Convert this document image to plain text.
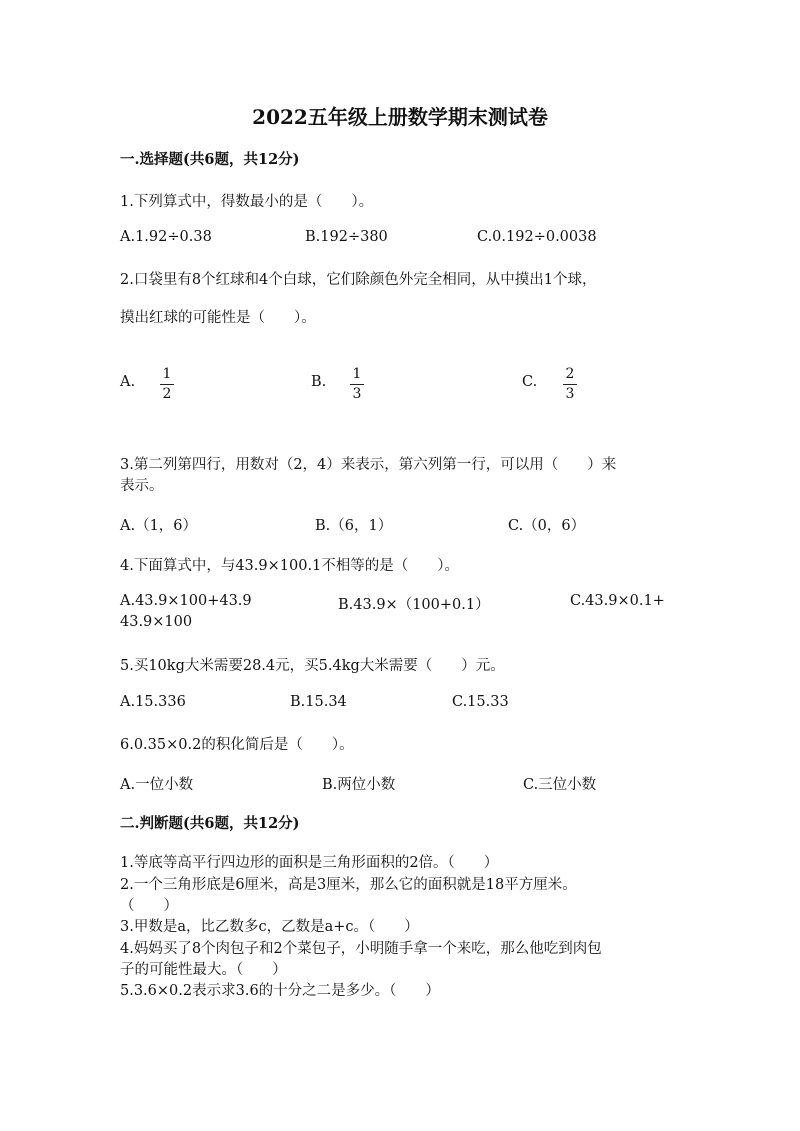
2022五年级上册数学期末测试卷
一.选择题(共6题，共12分)
1.下列算式中，得数最小的是（　　）。
A.1.92÷0.38	B.192÷380	C.0.192÷0.0038
2.口袋里有8个红球和4个白球，它们除颜色外完全相同，从中摸出1个球，
摸出红球的可能性是（　　）。
A. 1
2
B. 1
3
C. 2
3
3.第二列第四行，用数对（2，4）来表示，第六列第一行，可以用（　　）来
表示。
A.（1，6）	B.（6，1）	C.（0，6）
4.下面算式中，与43.9×100.1不相等的是（　　）。
A.43.9×100+43.9	B.43.9×（100+0.1）	C.43.9×0.1+
43.9×100
5.买10kg大米需要28.4元，买5.4kg大米需要（　　）元。
A.15.336	B.15.34	C.15.33
6.0.35×0.2的积化简后是（　　）。
A.一位小数	B.两位小数	C.三位小数
二.判断题(共6题，共12分)
1.等底等高平行四边形的面积是三角形面积的2倍。（　　）
2.一个三角形底是6厘米，高是3厘米，那么它的面积就是18平方厘米。
（　　）
3.甲数是a，比乙数多c，乙数是a+c。（　　）
4.妈妈买了8个肉包子和2个菜包子，小明随手拿一个来吃，那么他吃到肉包
子的可能性最大。（　　）
5.3.6×0.2表示求3.6的十分之二是多少。（　　）
